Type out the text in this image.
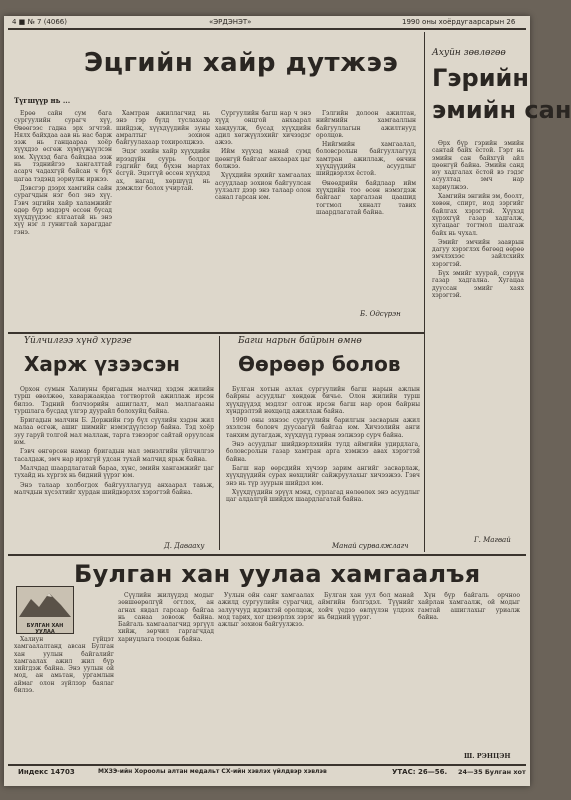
4 ■ № 7 (4066)	«ЭРДЭНЭТ»	1990 оны хоёрдугаарсарын 26
Эцгийн хайр дутжээ
Түгшүүр нь ...

Ерөө сайн сум бага сургуулийн сурагч хүү, Өвөөгээс гадна эрх эгчтэй. Нялх байхдаа аав нь нас барж ээж нь ганцаараа хоёр хүүхдээ өсгөж хүмүүжүүлсэн юм. Хүүхэд бага байхдаа ээж нь тэднийгээ хангалттай асарч чадахгүй байсан ч бүх цагаа тэдэнд зориулж иржээ.

Дэвсгэр дээрх хамгийн сайн сурагчдын нэг бол энэ хүү. Гэвч эцгийн хайр халамжийг өдөр бүр мэдэрч өссөн бусад хүүхдүүдээс ялгаатай нь энэ хүү нэг л гунигтай харагддаг гэнэ.

Хамтран ажиллагчид нь энэ гэр бүлд туслахаар шийдэж, хүүхдүүдийн зуны амралтыг зохион байгуулахаар тохиролцжээ.

Эцэг эхийн хайр хүүхдийн ирээдүйн суурь болдог гэдгийг бид бүхэн мартах ёсгүй. Эцэггүй өссөн хүүхдэд ах, нагац, хөршүүд нь дэмжлэг болох учиртай.

Сургуулийн багш нар ч энэ хүүд онцгой анхаарал хандуулж, бусад хүүхдийн адил хөгжүүлэхийг хичээдэг ажээ.

Ийм хүүхэд манай сумд цөөнгүй байгааг анхаарах цаг болжээ.

Хүүхдийн эрхийг хамгаалах асуудлаар зохион байгуулсан уулзалт дээр энэ талаар олон санал гарсан юм.

Гэлгийн долоон ажилтан, нийгмийн хамгааллын байгууллагын ажилтнууд оролцов.

Нийгмийн хамгаалал, боловсролын байгууллагууд хамтран ажиллаж, өнчин хүүхдүүдийн асуудлыг шийдвэрлэх ёстой.

Өнөөдрийн байдлаар ийм хүүхдийн тоо өсөн нэмэгдэж байгааг харгалзан цаашид тогтмол хяналт тавих шаардлагатай байна.

Б. Одсүрэн
Ахуйн зөвлөгөө
Гэрийн
эмийн сан

Өрх бүр гэрийн эмийн сантай байх ёстой. Гэрт нь эмийн сан байхгүй айл цөөнгүй байна. Эмийн санд юу хадгалах ёстой вэ гэдэг асуултад эмч нар хариулжээ.

Хамгийн энгийн эм, боолт, хөвөн, спирт, иод зэргийг байлгах хэрэгтэй. Хүүхэд хүрэхгүй газар хадгалж, хугацааг тогтмол шалгаж байх нь чухал.

Эмийг эмчийн зааврын дагуу хэрэглэх бөгөөд өөрөө эмчлэхээс зайлсхийх хэрэгтэй.

Бүх эмийг хуурай, сэрүүн газар хадгална. Хугацаа дууссан эмийг хаях хэрэгтэй.

Г. Магвай
Үйлчилгээ хүнд хүргэе
Харж үзээсэн

Орхон сумын Халиуны бригадын малчид хэдэн жилийн турш өвөлжөө, хаваржаандаа тогтвортой ажиллаж ирсэн билээ. Тэдний бэлчээрийн ашиглалт, мал маллагааны туршлага бусдад үлгэр дуурайл болохуйц байна.

Бригадын малчин Б. Доржийн гэр бүл сүүлийн хэдэн жил малаа өсгөж, ашиг шимийг нэмэгдүүлсээр байна. Тэд хоёр зуу гаруй толгой мал маллаж, тарга тэвээрэг сайтай оруулсан юм.

Гэвч өнгөрсөн намар бригадын мал эмнэлгийн үйлчилгээ тасалдаж, эмч нар ирэхгүй удсан тухай малчид ярьж байна.

Малчдад шаардлагатай бараа, хүнс, эмийн хангамжийг цаг тухайд нь хүргэх нь бидний үүрэг юм.

Энэ талаар холбогдох байгууллагууд анхаарал тавьж, малчдын хүсэлтийг хурдан шийдвэрлэх хэрэгтэй байна.

Д. Давааху
Багш нарын байрын өмнө
Өөрөөр болов

Булган хотын ахлах сургуулийн багш нарын ажлын байрны асуудлыг хөндөж бичье. Олон жилийн турш хүүхдүүдэд мэдлэг олгож ирсэн багш нар орон байрны хүндрэлтэй нөхцөлд ажиллаж байна.

1990 оны эхнээс сургуулийн барилгын засварын ажил эхэлсэн боловч дуусаагүй байгаа юм. Хичээлийн анги танхим дутагдаж, хүүхдүүд гурван ээлжээр сурч байна.

Энэ асуудлыг шийдвэрлэхийн тулд аймгийн удирдлага, боловсролын газар хамтран арга хэмжээ авах хэрэгтэй байна.

Багш нар өөрсдийн хүчээр зарим ангийг засварлаж, хүүхдүүдийн сурах нөхцлийг сайжруулахыг хичээжээ. Гэвч энэ нь түр зуурын шийдэл юм.

Хүүхдүүдийн эрүүл мэнд, сурлагад нөлөөлөх энэ асуудлыг цаг алдалгүй шийдэх шаардлагатай байна.

Манай сурвалжлагч
Булган хан уулаа хамгаалъя
БУЛГАН ХАН УУЛАА

Халиун гүйцэт хамгаалалтанд авсан Булган хан уулын байгалийг хамгаалах ажил жил бүр хийгдэж байна. Энэ уулын ой мод, ан амьтан, ургамлын аймаг олон зүйлээр баялаг билээ.

Сүүлийн жилүүдэд модыг зөвшөөрөлгүй огтлох, ан агнах явдал гарсаар байгаа нь санаа зовоож байна. Байгаль хамгаалагчид эргүүл хийж, зөрчил гаргагчдад хариуцлага тооцож байна.

Уулын ойн санг хамгаалах ажилд сургуулийн сурагчид, залуучууд идэвхтэй оролцож, мод тарих, хог цэвэрлэх зэрэг ажлыг зохион байгуулжээ.

Булган хан уул бол манай аймгийн бэлгэдэл. Түүнийг хойч үедээ өвлүүлэн үлдээх нь бидний үүрэг.

Хүн бүр байгаль орчноо хайрлан хамгаалж, ой модыг гамтай ашиглахыг уриалж байна.

Ш. РЭНЦЭН
Индекс 14703	МХЗЭ-ийн Хороолы алтан медальт СХ-ийн хэвлэх үйлдвэр хэвлэв	УТАС: 26—56. 24—35 Булган хот
